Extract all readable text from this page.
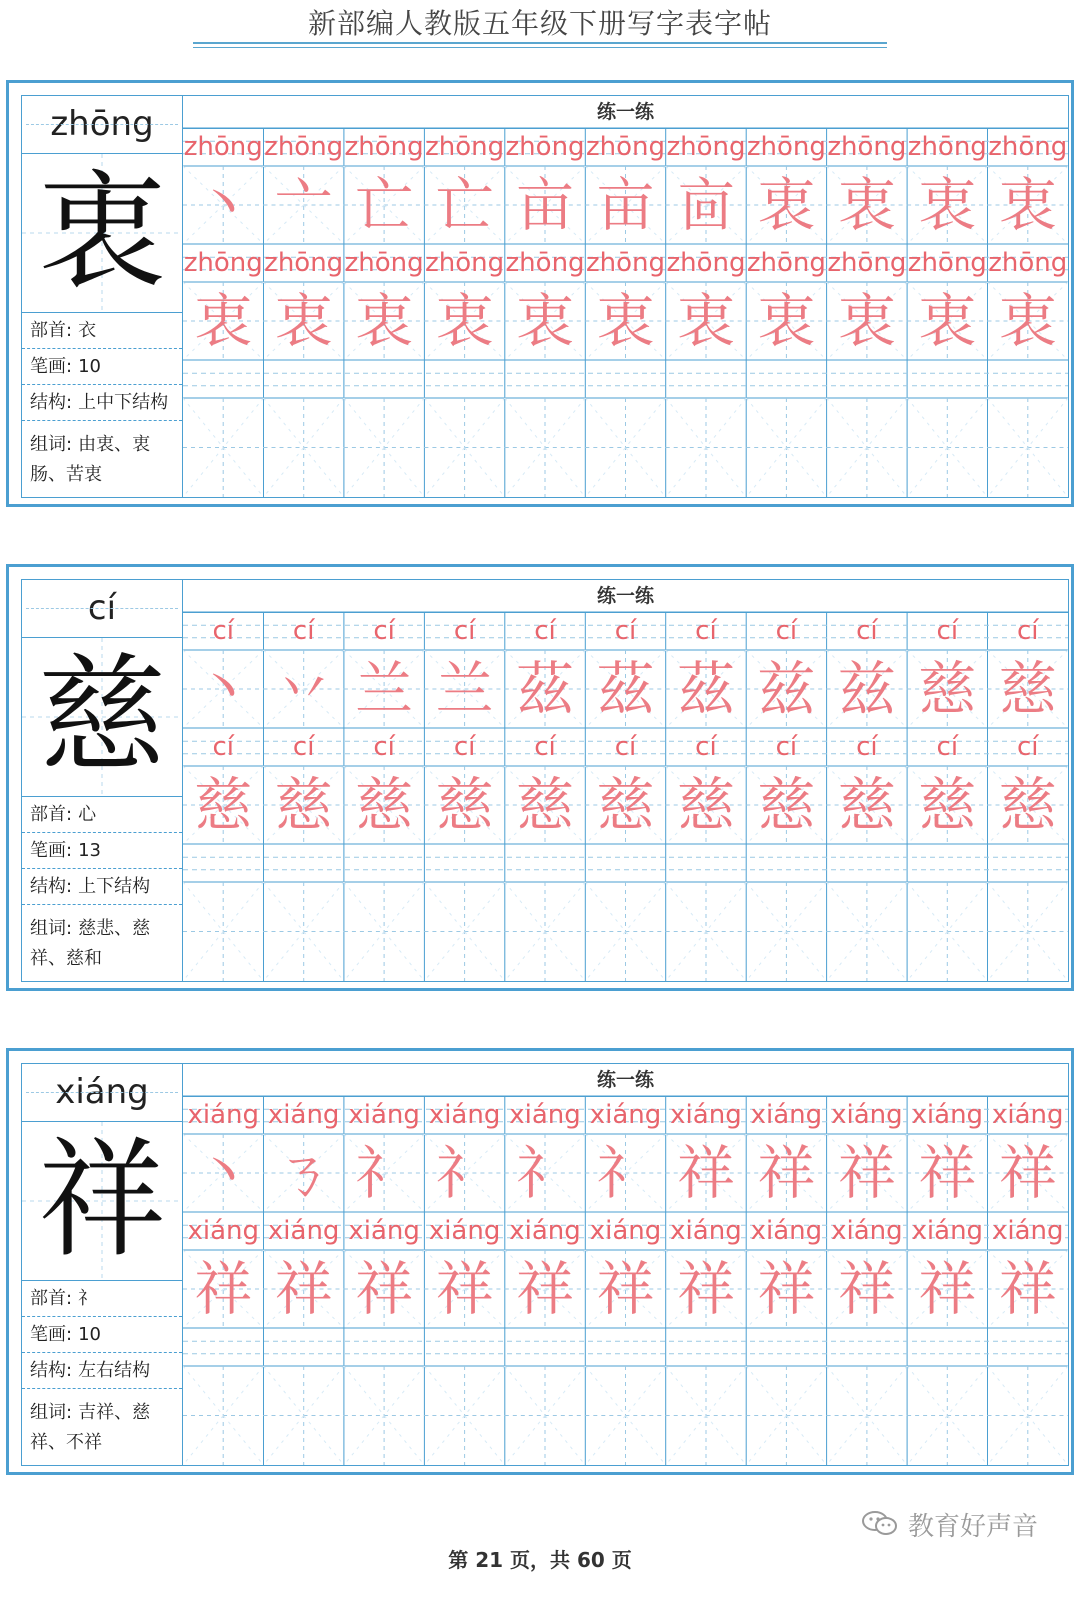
新部编人教版五年级下册写字表字帖
zhōng
衷
部首: 衣
笔画: 10
结构: 上中下结构
组词: 由衷、衷
肠、苦衷
练一练
zhōng zhōng zhōng zhōng zhōng zhōng zhōng zhōng zhōng zhōng zhōng
丶 亠 亡 亡 亩 亩 㐭 衷 衷 衷 衷
zhōng zhōng zhōng zhōng zhōng zhōng zhōng zhōng zhōng zhōng zhōng
衷 衷 衷 衷 衷 衷 衷 衷 衷 衷 衷
cí
慈
部首: 心
笔画: 13
结构: 上下结构
组词: 慈悲、慈
祥、慈和
练一练
cí	cí	cí	cí	cí	cí	cí	cí	cí	cí	cí
丶 丷 兰 兰 茲 茲 茲 兹 兹 慈 慈
cí	cí	cí	cí	cí	cí	cí	cí	cí	cí	cí
慈 慈 慈 慈 慈 慈 慈 慈 慈 慈 慈
xiáng
祥
部首: 礻
笔画: 10
结构: 左右结构
组词: 吉祥、慈
祥、不祥
练一练
xiáng xiáng xiáng xiáng xiáng xiáng xiáng xiáng xiáng xiáng xiáng
丶 ㄋ 礻 礻 礻 礻 祥 祥 祥 祥 祥
xiáng xiáng xiáng xiáng xiáng xiáng xiáng xiáng xiáng xiáng xiáng
祥 祥 祥 祥 祥 祥 祥 祥 祥 祥 祥
第 21 页，共 60 页
教育好声音
